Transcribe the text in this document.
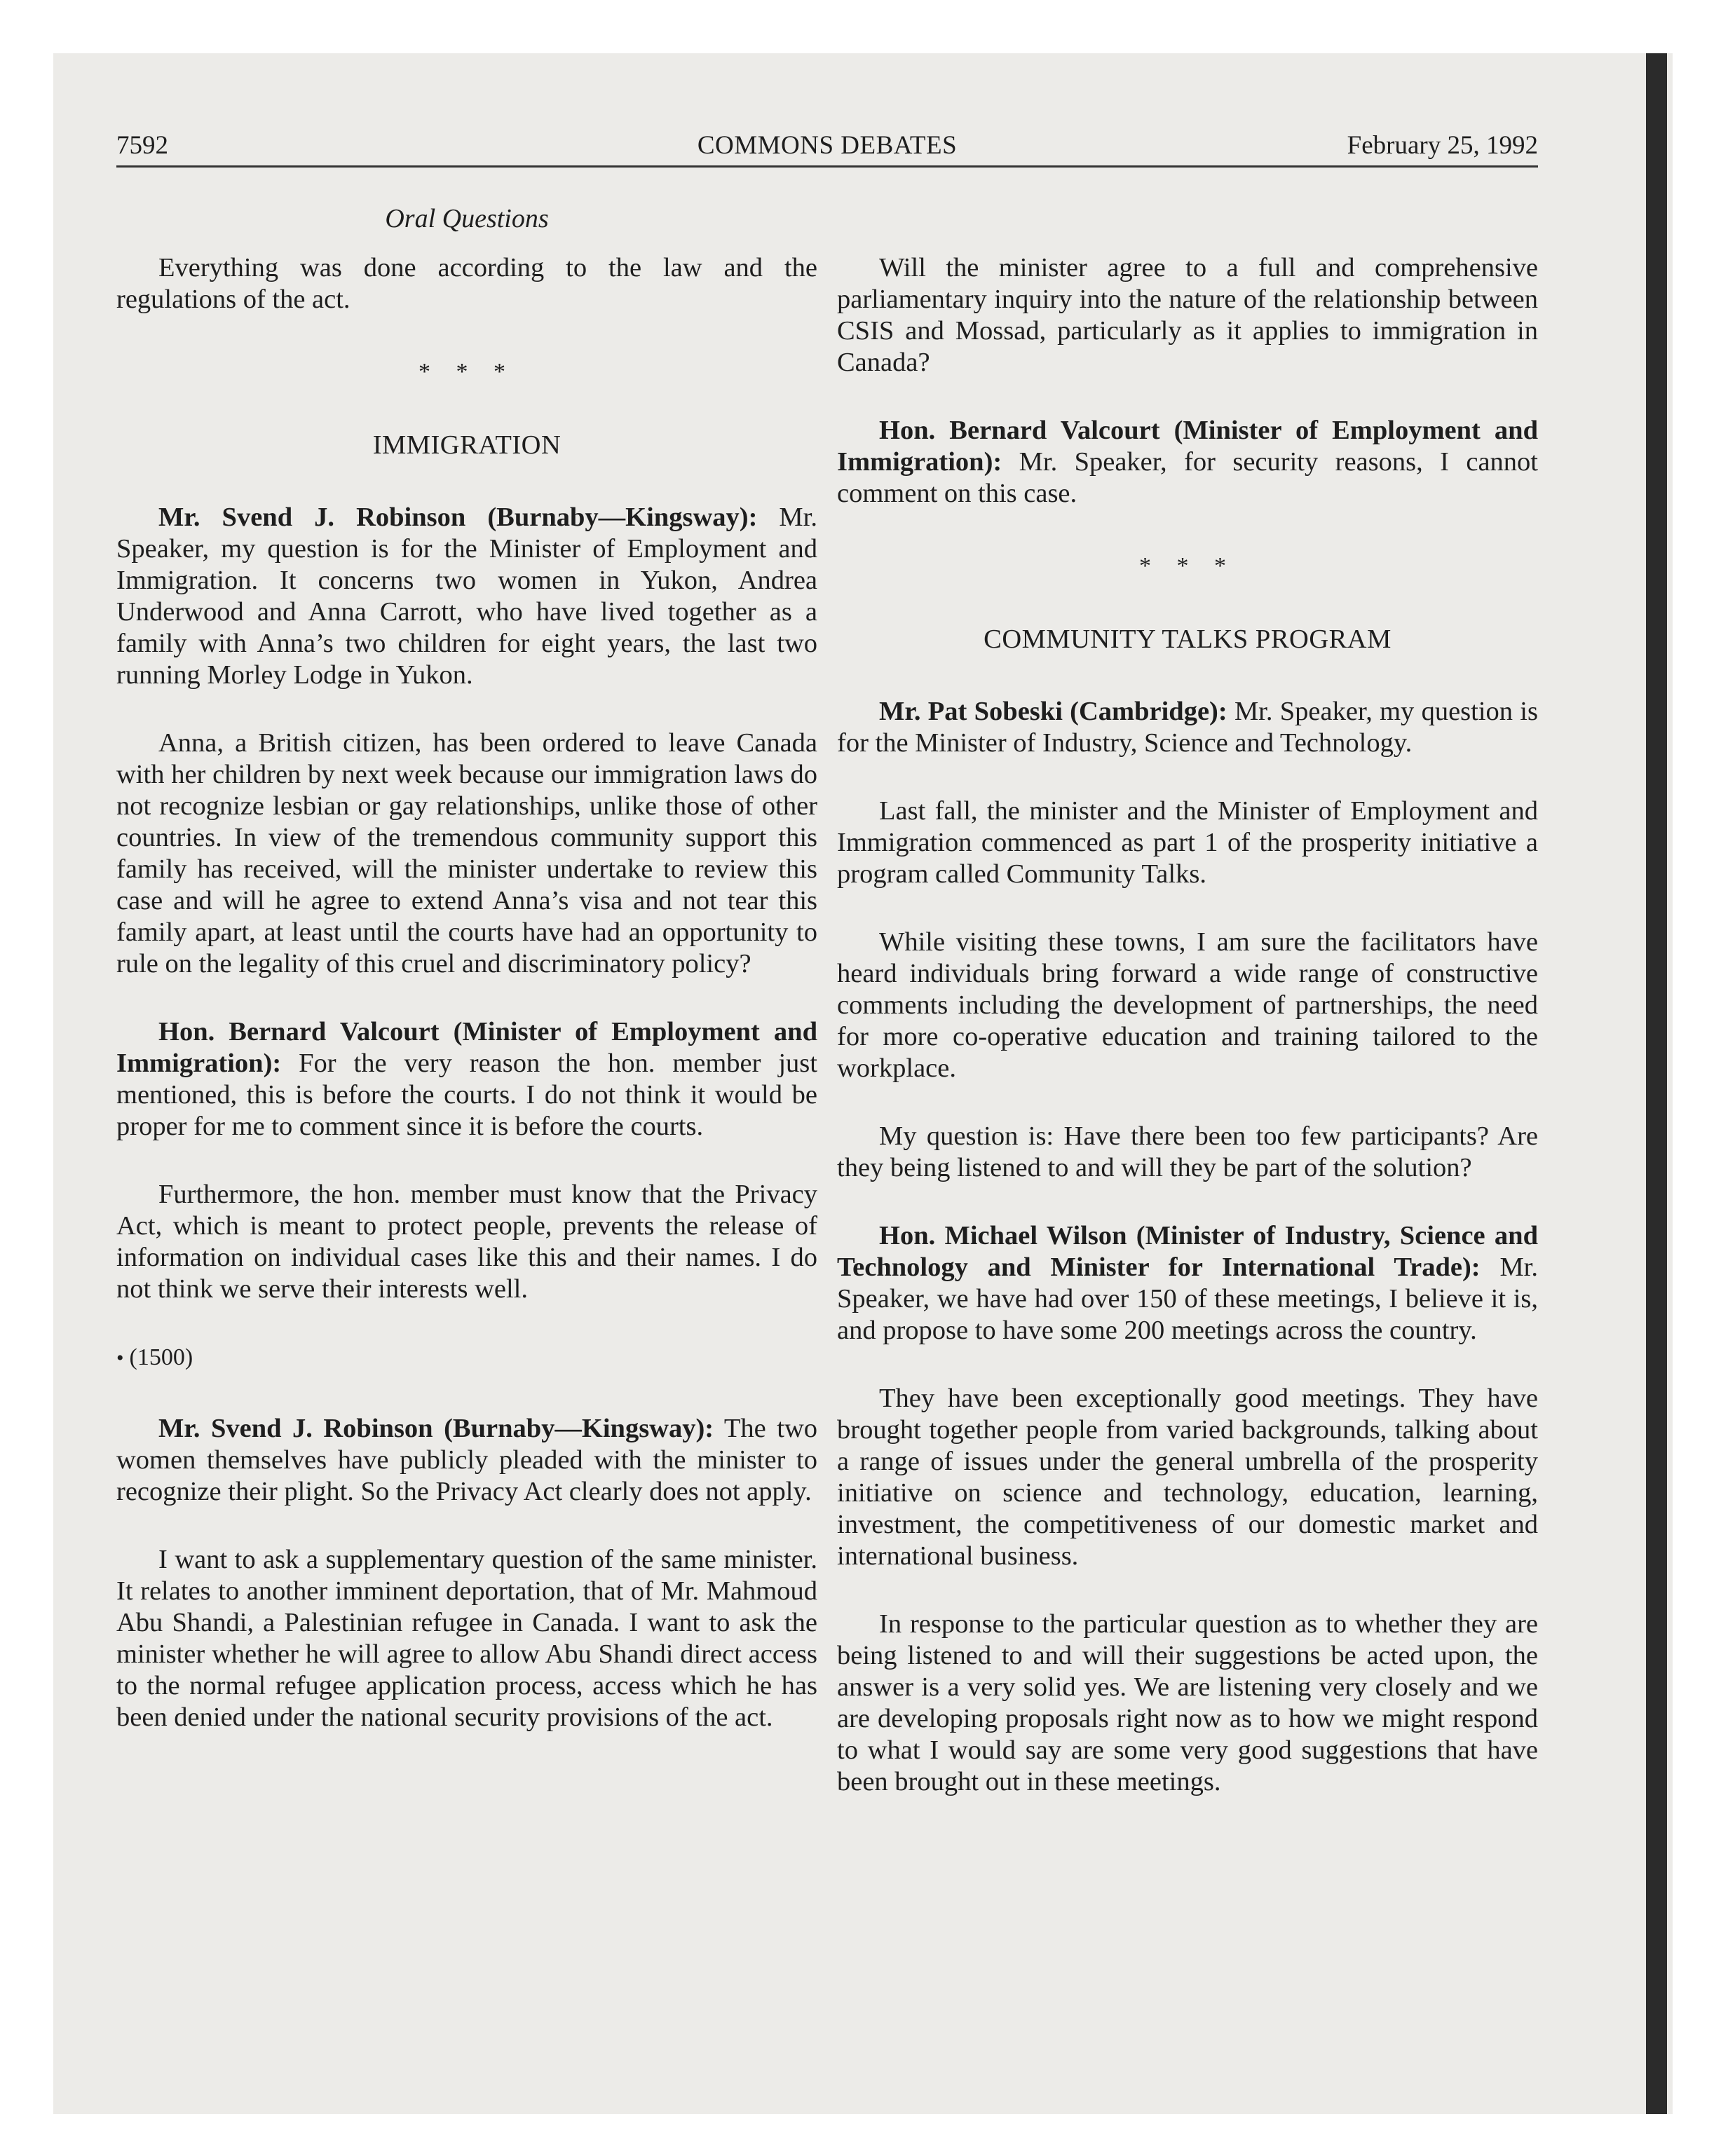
7592	COMMONS DEBATES	February 25, 1992
Oral Questions

Everything was done according to the law and the regulations of the act.

* * *
IMMIGRATION

Mr. Svend J. Robinson (Burnaby—Kingsway): Mr. Speaker, my question is for the Minister of Employment and Immigration. It concerns two women in Yukon, Andrea Underwood and Anna Carrott, who have lived together as a family with Anna’s two children for eight years, the last two running Morley Lodge in Yukon.

Anna, a British citizen, has been ordered to leave Canada with her children by next week because our immigration laws do not recognize lesbian or gay relationships, unlike those of other countries. In view of the tremendous community support this family has received, will the minister undertake to review this case and will he agree to extend Anna’s visa and not tear this family apart, at least until the courts have had an opportunity to rule on the legality of this cruel and discriminatory policy?

Hon. Bernard Valcourt (Minister of Employment and Immigration): For the very reason the hon. member just mentioned, this is before the courts. I do not think it would be proper for me to comment since it is before the courts.

Furthermore, the hon. member must know that the Privacy Act, which is meant to protect people, prevents the release of information on individual cases like this and their names. I do not think we serve their interests well.

• (1500)

Mr. Svend J. Robinson (Burnaby—Kingsway): The two women themselves have publicly pleaded with the minister to recognize their plight. So the Privacy Act clearly does not apply.

I want to ask a supplementary question of the same minister. It relates to another imminent deportation, that of Mr. Mahmoud Abu Shandi, a Palestinian refugee in Canada. I want to ask the minister whether he will agree to allow Abu Shandi direct access to the normal refugee application process, access which he has been denied under the national security provisions of the act.

Will the minister agree to a full and comprehensive parliamentary inquiry into the nature of the relationship between CSIS and Mossad, particularly as it applies to immigration in Canada?

Hon. Bernard Valcourt (Minister of Employment and Immigration): Mr. Speaker, for security reasons, I cannot comment on this case.

* * *
COMMUNITY TALKS PROGRAM

Mr. Pat Sobeski (Cambridge): Mr. Speaker, my question is for the Minister of Industry, Science and Technology.

Last fall, the minister and the Minister of Employment and Immigration commenced as part 1 of the prosperity initiative a program called Community Talks.

While visiting these towns, I am sure the facilitators have heard individuals bring forward a wide range of constructive comments including the development of partnerships, the need for more co-operative education and training tailored to the workplace.

My question is: Have there been too few participants? Are they being listened to and will they be part of the solution?

Hon. Michael Wilson (Minister of Industry, Science and Technology and Minister for International Trade): Mr. Speaker, we have had over 150 of these meetings, I believe it is, and propose to have some 200 meetings across the country.

They have been exceptionally good meetings. They have brought together people from varied backgrounds, talking about a range of issues under the general umbrella of the prosperity initiative on science and technology, education, learning, investment, the competitiveness of our domestic market and international business.

In response to the particular question as to whether they are being listened to and will their suggestions be acted upon, the answer is a very solid yes. We are listening very closely and we are developing proposals right now as to how we might respond to what I would say are some very good suggestions that have been brought out in these meetings.
